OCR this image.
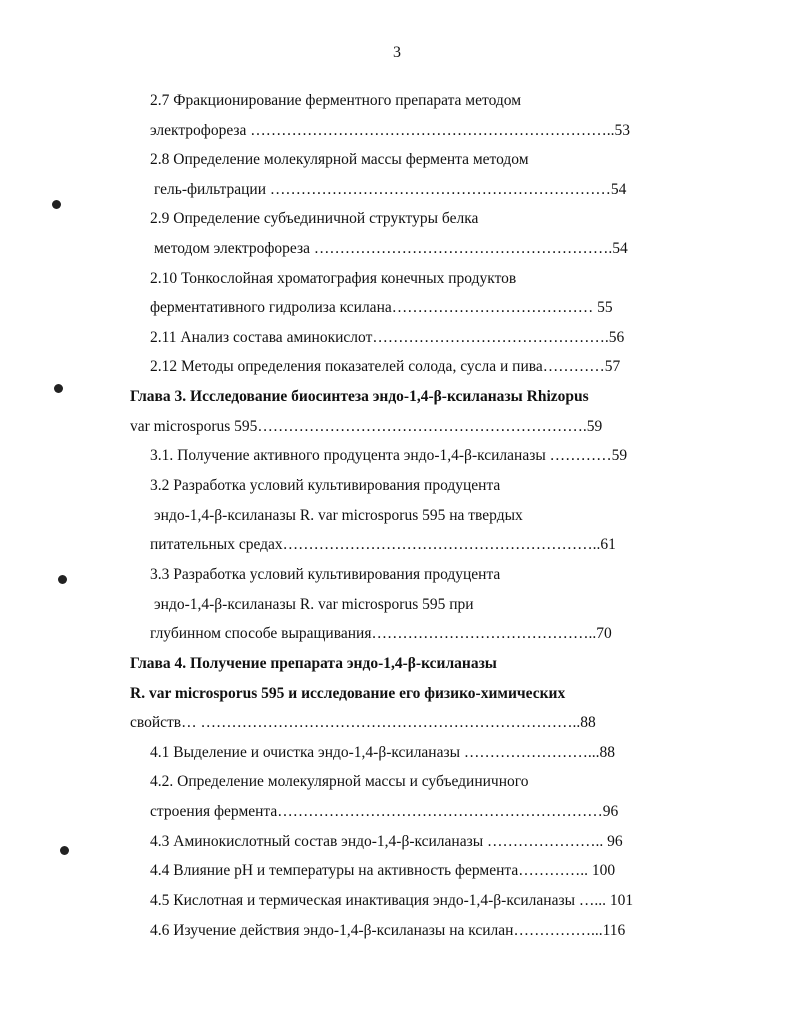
3
2.7 Фракционирование ферментного препарата методом
электрофореза ……………………………………………………………..53
2.8 Определение молекулярной массы фермента методом
гель-фильтрации …………………………………………………………54
2.9 Определение субъединичной структуры белка
методом электрофореза ………………………………………………….54
2.10 Тонкослойная хроматография конечных продуктов
ферментативного гидролиза ксилана………………………………… 55
2.11 Анализ состава аминокислот……………………………………….56
2.12 Методы определения показателей солода, сусла и пива…………57
Глава 3. Исследование биосинтеза эндо-1,4-β-ксиланазы Rhizopus
var microsporus 595……………………………………………………….59
3.1. Получение активного продуцента эндо-1,4-β-ксиланазы …………59
3.2 Разработка условий культивирования продуцента
эндо-1,4-β-ксиланазы R. var microsporus 595 на твердых
питательных средах……………………………………………………..61
3.3 Разработка условий культивирования продуцента
эндо-1,4-β-ксиланазы R. var microsporus 595 при
глубинном способе выращивания……………………………………..70
Глава 4. Получение препарата эндо-1,4-β-ксиланазы
R. var microsporus 595 и исследование его физико-химических
свойств… ………………………………………………………………..88
4.1 Выделение и очистка эндо-1,4-β-ксиланазы ……………………...88
4.2. Определение молекулярной массы и субъединичного
строения фермента………………………………………………………96
4.3 Аминокислотный состав эндо-1,4-β-ксиланазы ………………….. 96
4.4 Влияние pH и температуры на активность фермента………….. 100
4.5 Кислотная и термическая инактивация эндо-1,4-β-ксиланазы …... 101
4.6 Изучение действия эндо-1,4-β-ксиланазы на ксилан……………...116
